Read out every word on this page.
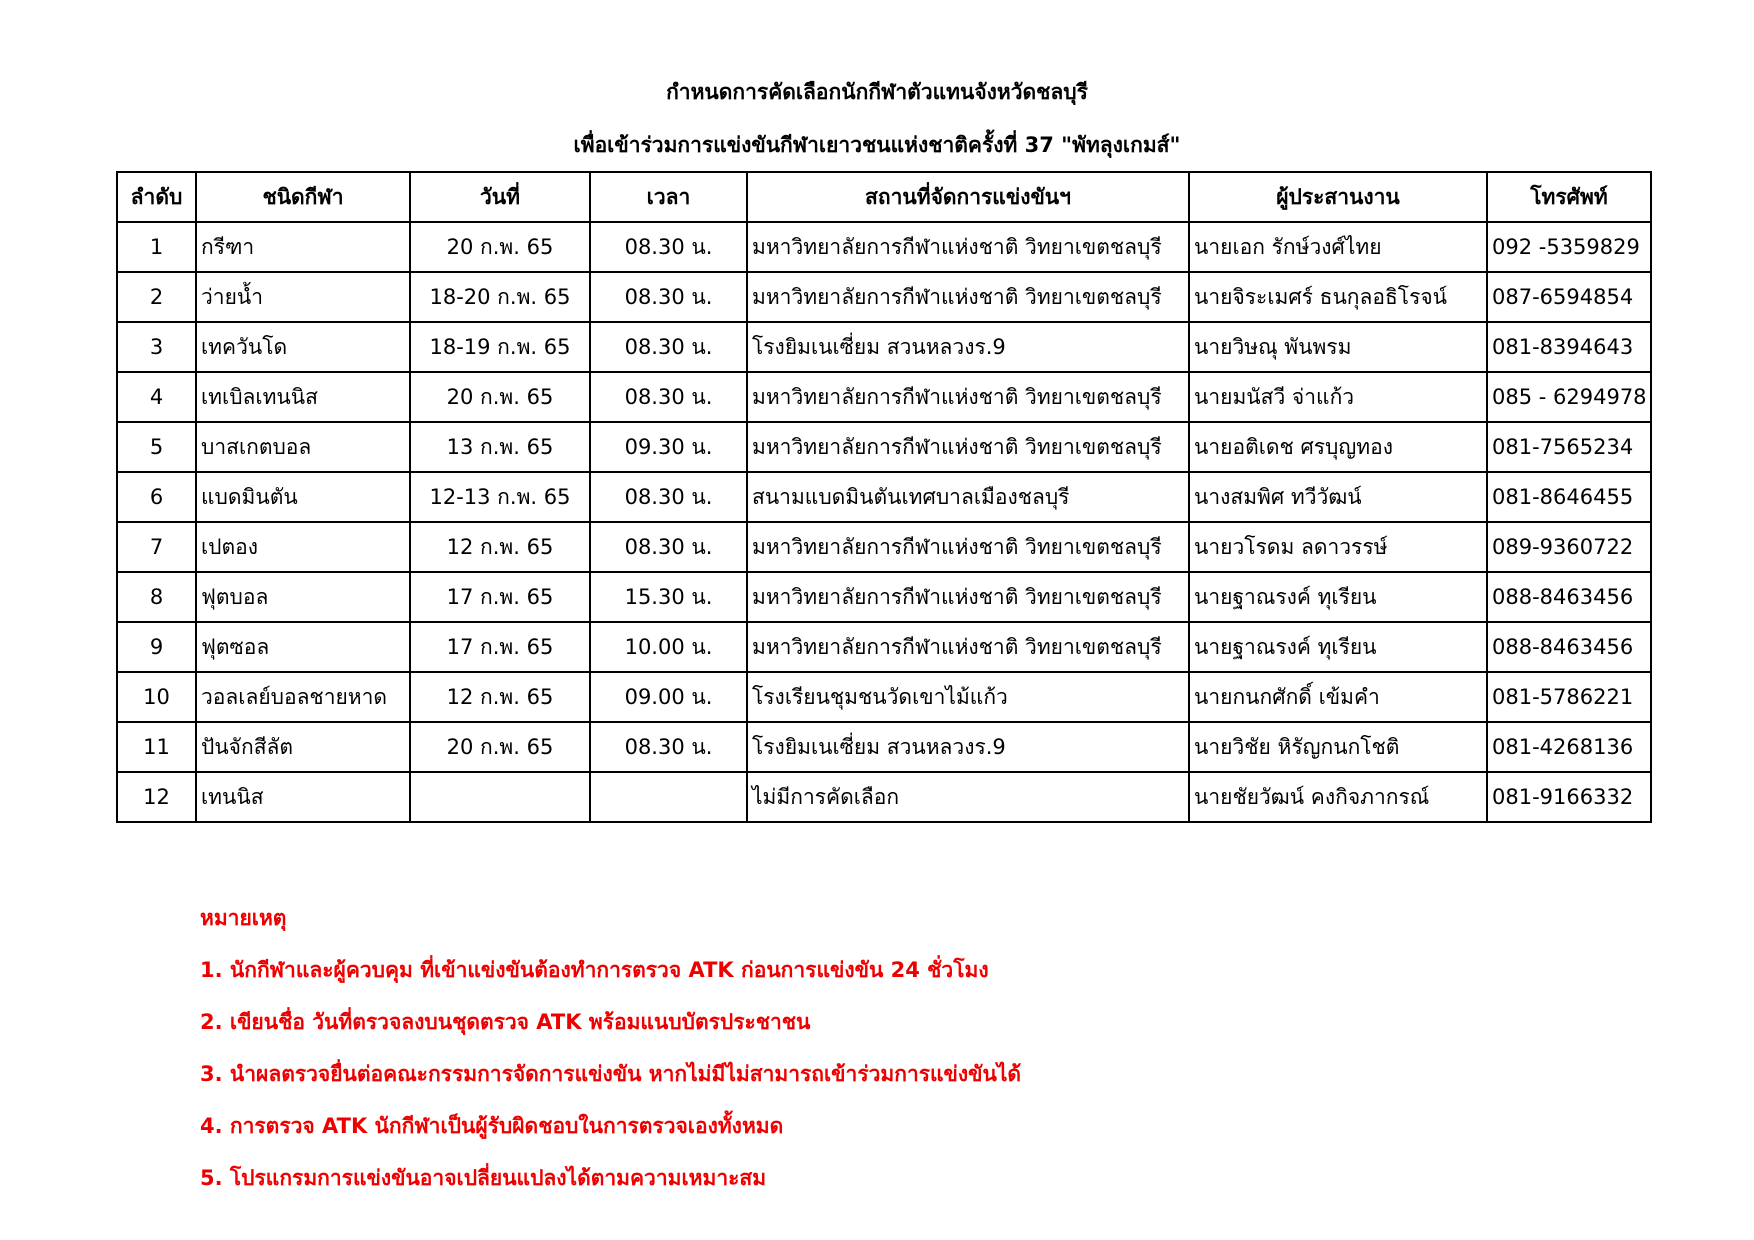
กำหนดการคัดเลือกนักกีฬาตัวแทนจังหวัดชลบุรี
เพื่อเข้าร่วมการแข่งขันกีฬาเยาวชนแห่งชาติครั้งที่ 37 "พัทลุงเกมส์"
ลำดับ	ชนิดกีฬา	วันที่	เวลา	สถานที่จัดการแข่งขันฯ	ผู้ประสานงาน	โทรศัพท์
1	กรีฑา	20 ก.พ. 65	08.30 น.	มหาวิทยาลัยการกีฬาแห่งชาติ วิทยาเขตชลบุรี	นายเอก รักษ์วงศ์ไทย	092 -5359829
2	ว่ายน้ำ	18-20 ก.พ. 65	08.30 น.	มหาวิทยาลัยการกีฬาแห่งชาติ วิทยาเขตชลบุรี	นายจิระเมศร์ ธนกุลอธิโรจน์	087-6594854
3	เทควันโด	18-19 ก.พ. 65	08.30 น.	โรงยิมเนเซี่ยม สวนหลวงร.9	นายวิษณุ พันพรม	081-8394643
4	เทเบิลเทนนิส	20 ก.พ. 65	08.30 น.	มหาวิทยาลัยการกีฬาแห่งชาติ วิทยาเขตชลบุรี	นายมนัสวี จ่าแก้ว	085 - 6294978
5	บาสเกตบอล	13 ก.พ. 65	09.30 น.	มหาวิทยาลัยการกีฬาแห่งชาติ วิทยาเขตชลบุรี	นายอติเดช ศรบุญทอง	081-7565234
6	แบดมินตัน	12-13 ก.พ. 65	08.30 น.	สนามแบดมินตันเทศบาลเมืองชลบุรี	นางสมพิศ ทวีวัฒน์	081-8646455
7	เปตอง	12 ก.พ. 65	08.30 น.	มหาวิทยาลัยการกีฬาแห่งชาติ วิทยาเขตชลบุรี	นายวโรดม ลดาวรรษ์	089-9360722
8	ฟุตบอล	17 ก.พ. 65	15.30 น.	มหาวิทยาลัยการกีฬาแห่งชาติ วิทยาเขตชลบุรี	นายฐาณรงค์ ทุเรียน	088-8463456
9	ฟุตซอล	17 ก.พ. 65	10.00 น.	มหาวิทยาลัยการกีฬาแห่งชาติ วิทยาเขตชลบุรี	นายฐาณรงค์ ทุเรียน	088-8463456
10	วอลเลย์บอลชายหาด	12 ก.พ. 65	09.00 น.	โรงเรียนชุมชนวัดเขาไม้แก้ว	นายกนกศักดิ์ เข้มคำ	081-5786221
11	ปันจักสีลัต	20 ก.พ. 65	08.30 น.	โรงยิมเนเซี่ยม สวนหลวงร.9	นายวิชัย หิรัญกนกโชติ	081-4268136
12	เทนนิส			ไม่มีการคัดเลือก	นายชัยวัฒน์ คงกิจภากรณ์	081-9166332
หมายเหตุ
1. นักกีฬาและผู้ควบคุม ที่เข้าแข่งขันต้องทำการตรวจ ATK ก่อนการแข่งขัน 24 ชั่วโมง
2. เขียนชื่อ วันที่ตรวจลงบนชุดตรวจ ATK พร้อมแนบบัตรประชาชน
3. นำผลตรวจยื่นต่อคณะกรรมการจัดการแข่งขัน หากไม่มีไม่สามารถเข้าร่วมการแข่งขันได้
4. การตรวจ ATK นักกีฬาเป็นผู้รับผิดชอบในการตรวจเองทั้งหมด
5. โปรแกรมการแข่งขันอาจเปลี่ยนแปลงได้ตามความเหมาะสม
